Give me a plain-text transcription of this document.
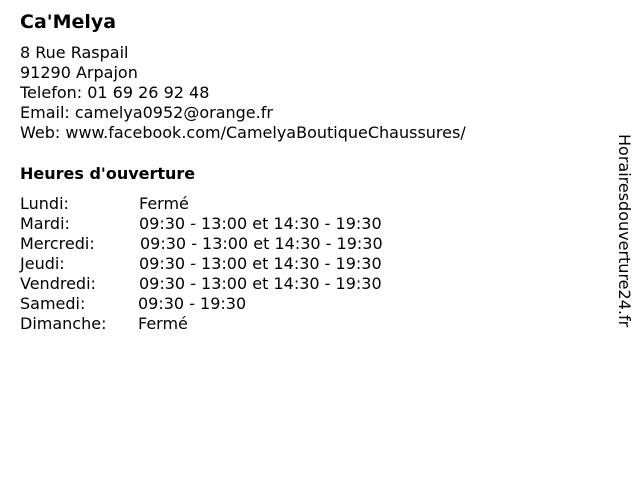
Ca'Melya
8 Rue Raspail
91290 Arpajon
Telefon: 01 69 26 92 48
Email: camelya0952@orange.fr
Web: www.facebook.com/CamelyaBoutiqueChaussures/
Heures d'ouverture
Lundi:	Fermé
Mardi:	09:30 - 13:00 et 14:30 - 19:30
Mercredi:	09:30 - 13:00 et 14:30 - 19:30
Jeudi:	09:30 - 13:00 et 14:30 - 19:30
Vendredi:	09:30 - 13:00 et 14:30 - 19:30
Samedi:	09:30 - 19:30
Dimanche: Fermé	Horairesdouverture24.fr
